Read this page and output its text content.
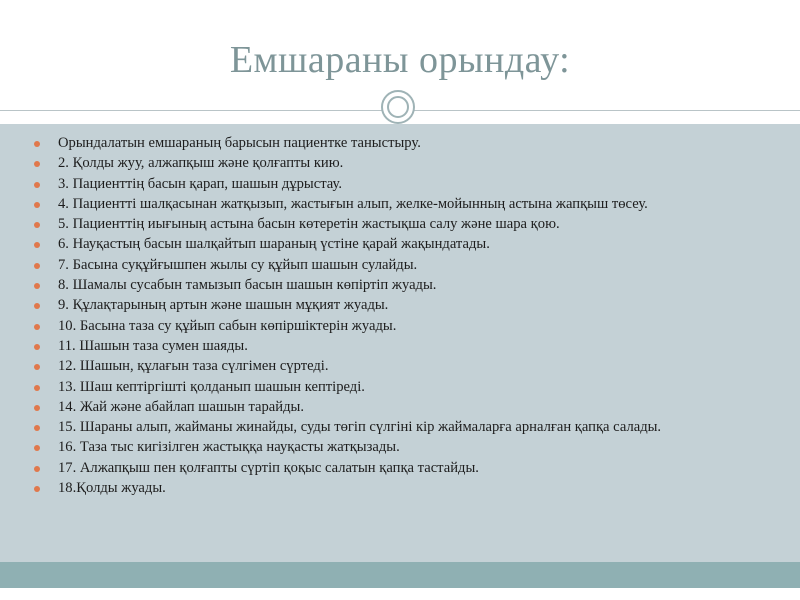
Емшараны орындау:
Орындалатын емшараның барысын пациентке таныстыру.
2. Қолды жуу, алжапқыш және қолғапты кию.
3. Пациенттің басын қарап, шашын дұрыстау.
4. Пациентті шалқасынан жатқызып, жастығын алып, желке-мойынның астына жапқыш төсеу.
5. Пациенттің иығының астына басын көтеретін жастықша салу және шара қою.
6. Науқастың басын шалқайтып шараның үстіне қарай жақындатады.
7. Басына суқұйғышпен жылы су құйып шашын сулайды.
8. Шамалы сусабын тамызып басын шашын көпіртіп жуады.
9. Құлақтарының артын және шашын мұқият жуады.
10. Басына таза су құйып сабын көпіршіктерін жуады.
11. Шашын таза сумен шаяды.
12. Шашын, құлағын таза сүлгімен сүртеді.
13. Шаш кептіргішті қолданып шашын кептіреді.
14. Жай және абайлап шашын тарайды.
15. Шараны алып, жайманы жинайды, суды төгіп сүлгіні кір жаймаларға арналған қапқа салады.
16. Таза тыс кигізілген жастыққа науқасты жатқызады.
17. Алжапқыш пен қолғапты сүртіп қоқыс салатын қапқа тастайды.
18.Қолды жуады.
